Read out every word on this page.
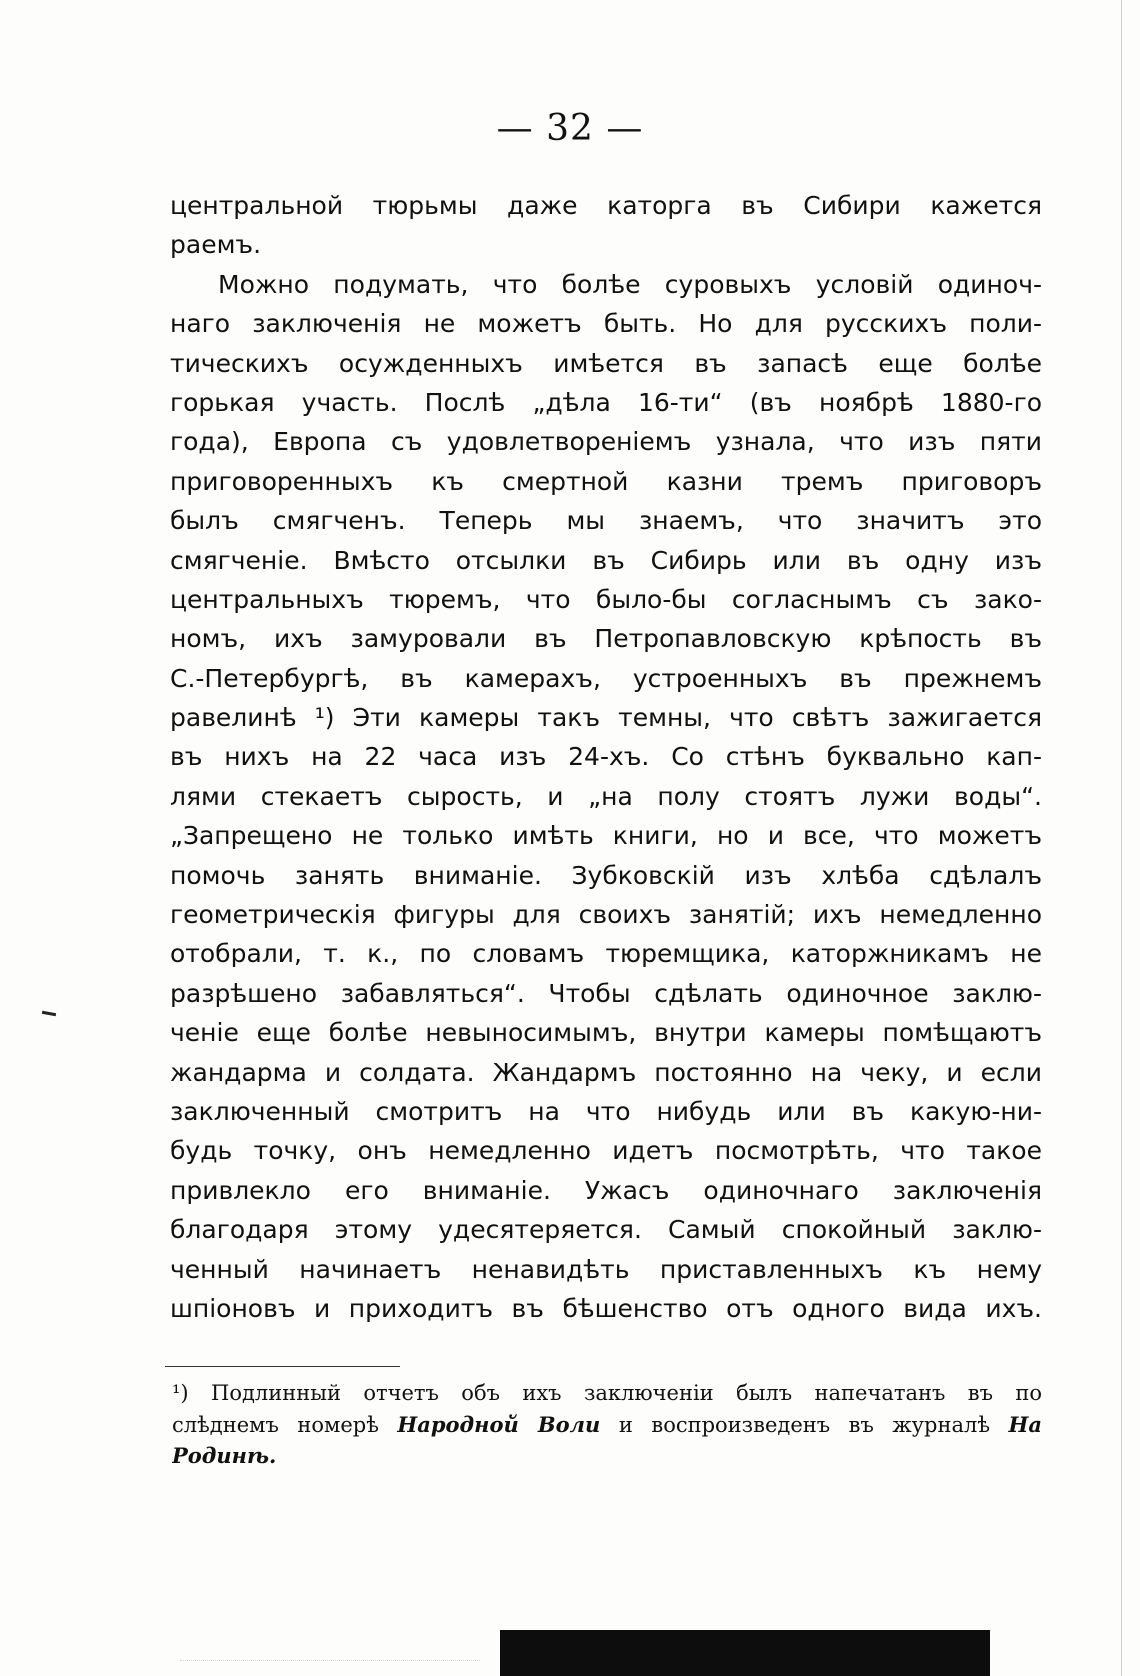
— 32 —
центральной тюрьмы даже каторга въ Сибири кажется
раемъ.
Можно подумать, что болѣе суровыхъ условій одиноч-
наго заключенія не можетъ быть. Но для русскихъ поли-
тическихъ осужденныхъ имѣется въ запасѣ еще болѣе
горькая участь. Послѣ „дѣла 16-ти“ (въ ноябрѣ 1880-го
года), Европа съ удовлетвореніемъ узнала, что изъ пяти
приговоренныхъ къ смертной казни тремъ приговоръ
былъ смягченъ. Теперь мы знаемъ, что значитъ это
смягченіе. Вмѣсто отсылки въ Сибирь или въ одну изъ
центральныхъ тюремъ, что было-бы согласнымъ съ зако-
номъ, ихъ замуровали въ Петропавловскую крѣпость въ
С.-Петербургѣ, въ камерахъ, устроенныхъ въ прежнемъ
равелинѣ ¹) Эти камеры такъ темны, что свѣтъ зажигается
въ нихъ на 22 часа изъ 24-хъ. Со стѣнъ буквально кап-
лями стекаетъ сырость, и „на полу стоятъ лужи воды“.
„Запрещено не только имѣть книги, но и все, что можетъ
помочь занять вниманіе. Зубковскій изъ хлѣба сдѣлалъ
геометрическія фигуры для своихъ занятій; ихъ немедленно
отобрали, т. к., по словамъ тюремщика, каторжникамъ не
разрѣшено забавляться“. Чтобы сдѣлать одиночное заклю-
ченіе еще болѣе невыносимымъ, внутри камеры помѣщаютъ
жандарма и солдата. Жандармъ постоянно на чеку, и если
заключенный смотритъ на что нибудь или въ какую-ни-
будь точку, онъ немедленно идетъ посмотрѣть, что такое
привлекло его вниманіе. Ужасъ одиночнаго заключенія
благодаря этому удесятеряется. Самый спокойный заклю-
ченный начинаетъ ненавидѣть приставленныхъ къ нему
шпіоновъ и приходитъ въ бѣшенство отъ одного вида ихъ.
¹) Подлинный отчетъ объ ихъ заключеніи былъ напечатанъ въ по
слѣднемъ номерѣ Народной Воли и воспроизведенъ въ журналѣ На
Родинѣ.
